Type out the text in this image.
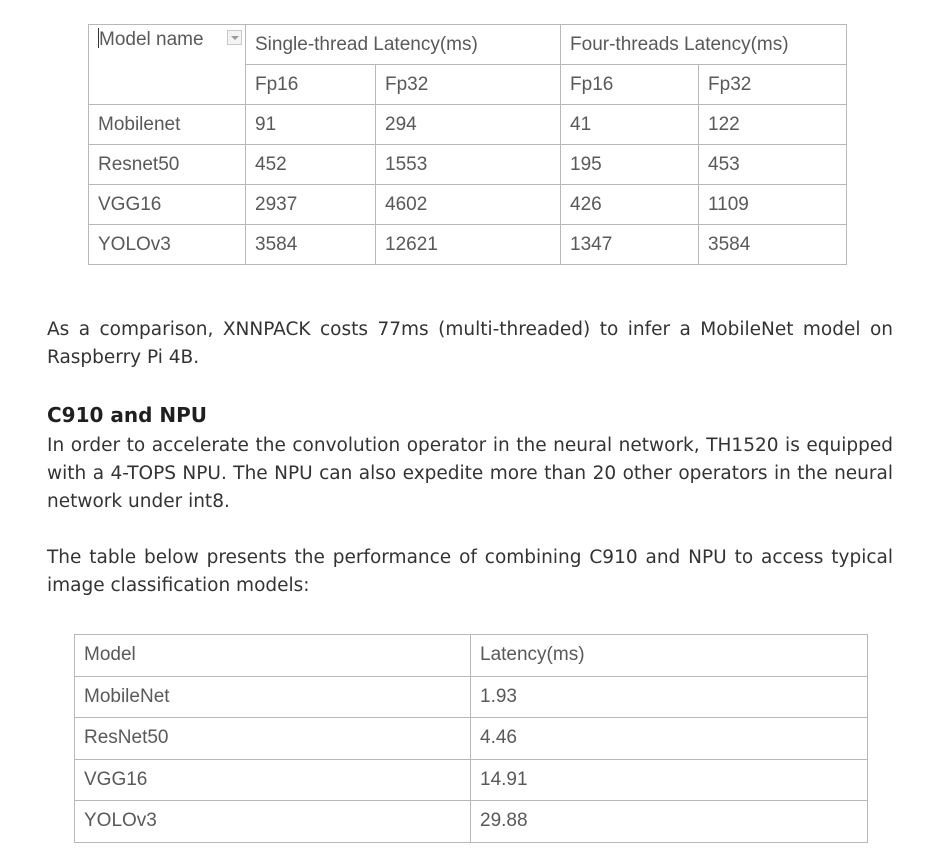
Model name	Single-thread Latency(ms)		Four-threads Latency(ms)	
	Fp16	Fp32	Fp16	Fp32
Mobilenet	91	294	41	122
Resnet50	452	1553	195	453
VGG16	2937	4602	426	1109
YOLOv3	3584	12621	1347	3584

As a comparison, XNNPACK costs 77ms (multi-threaded) to infer a MobileNet model on Raspberry Pi 4B.

C910 and NPU

In order to accelerate the convolution operator in the neural network, TH1520 is equipped with a 4-TOPS NPU. The NPU can also expedite more than 20 other operators in the neural network under int8.

The table below presents the performance of combining C910 and NPU to access typical image classification models:

Model	Latency(ms)
MobileNet	1.93
ResNet50	4.46
VGG16	14.91
YOLOv3	29.88
